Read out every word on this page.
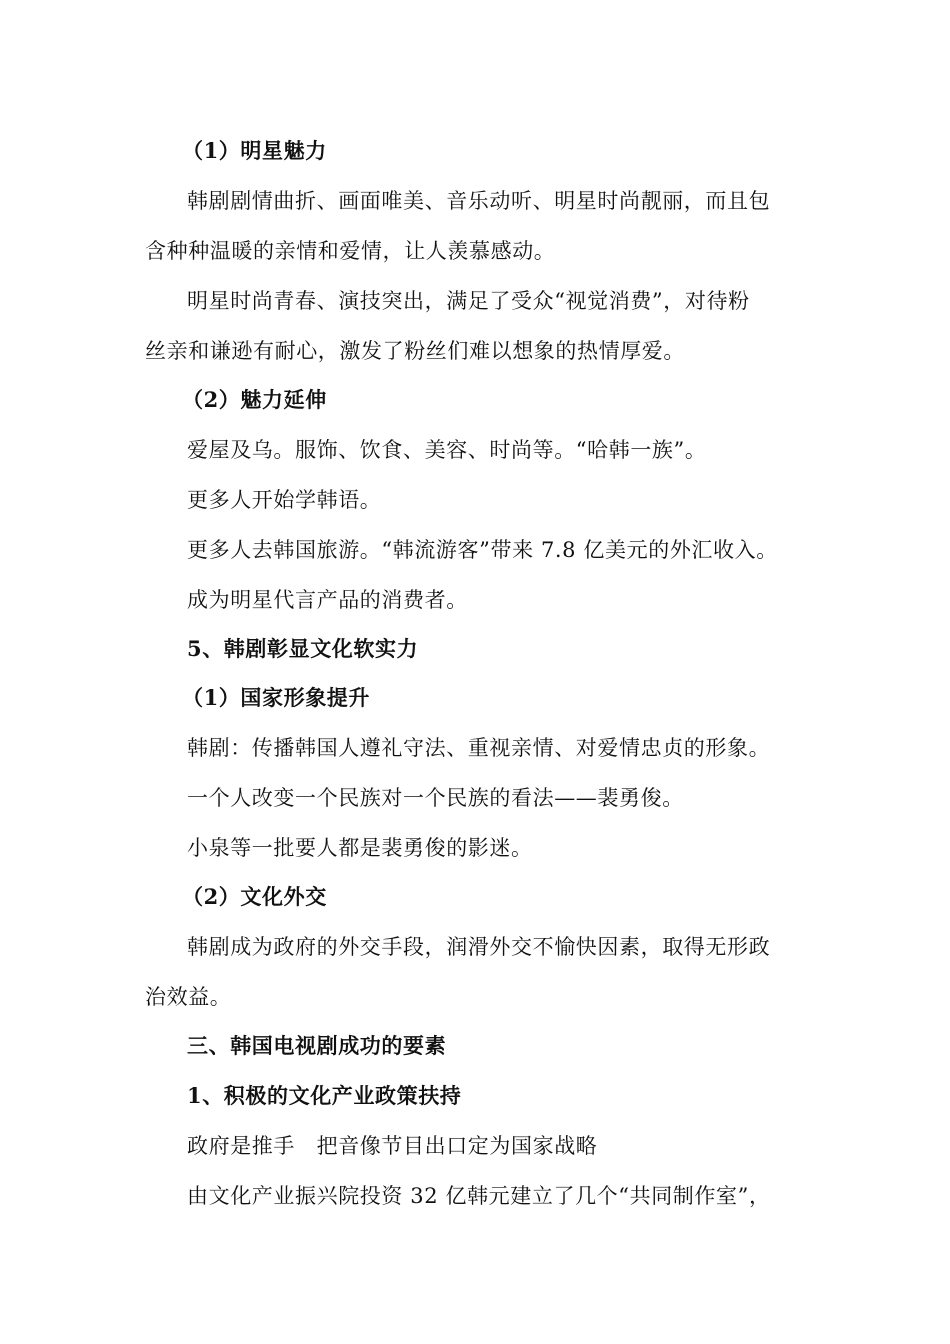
（1）明星魅力
韩剧剧情曲折、画面唯美、音乐动听、明星时尚靓丽，而且包
含种种温暖的亲情和爱情，让人羡慕感动。
明星时尚青春、演技突出，满足了受众“视觉消费”，对待粉
丝亲和谦逊有耐心，激发了粉丝们难以想象的热情厚爱。
（2）魅力延伸
爱屋及乌。服饰、饮食、美容、时尚等。“哈韩一族”。
更多人开始学韩语。
更多人去韩国旅游。“韩流游客”带来 7.8 亿美元的外汇收入。
成为明星代言产品的消费者。
5、韩剧彰显文化软实力
（1）国家形象提升
韩剧：传播韩国人遵礼守法、重视亲情、对爱情忠贞的形象。
一个人改变一个民族对一个民族的看法——裴勇俊。
小泉等一批要人都是裴勇俊的影迷。
（2）文化外交
韩剧成为政府的外交手段，润滑外交不愉快因素，取得无形政
治效益。
三、韩国电视剧成功的要素
1、积极的文化产业政策扶持
政府是推手　把音像节目出口定为国家战略
由文化产业振兴院投资 32 亿韩元建立了几个“共同制作室”，
